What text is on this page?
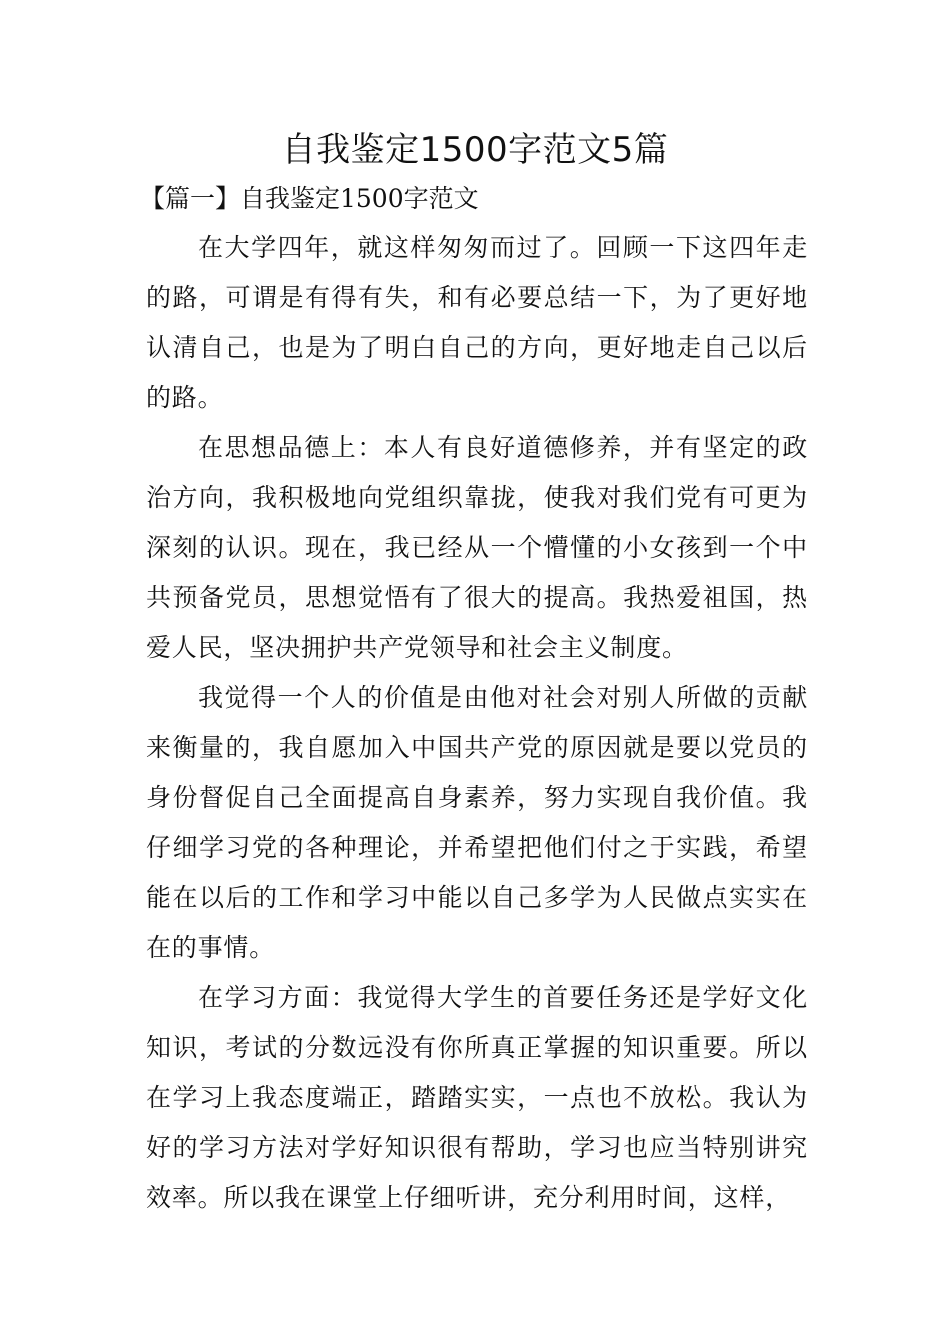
自我鉴定1500字范文5篇
【篇一】自我鉴定1500字范文

在大学四年，就这样匆匆而过了。回顾一下这四年走的路，可谓是有得有失，和有必要总结一下，为了更好地认清自己，也是为了明白自己的方向，更好地走自己以后的路。

在思想品德上：本人有良好道德修养，并有坚定的政治方向，我积极地向党组织靠拢，使我对我们党有可更为深刻的认识。现在，我已经从一个懵懂的小女孩到一个中共预备党员，思想觉悟有了很大的提高。我热爱祖国，热爱人民，坚决拥护共产党领导和社会主义制度。

我觉得一个人的价值是由他对社会对别人所做的贡献来衡量的，我自愿加入中国共产党的原因就是要以党员的身份督促自己全面提高自身素养，努力实现自我价值。我仔细学习党的各种理论，并希望把他们付之于实践，希望能在以后的工作和学习中能以自己多学为人民做点实实在在的事情。

在学习方面：我觉得大学生的首要任务还是学好文化知识，考试的分数远没有你所真正掌握的知识重要。所以在学习上我态度端正，踏踏实实，一点也不放松。我认为好的学习方法对学好知识很有帮助，学习也应当特别讲究效率。所以我在课堂上仔细听讲，充分利用时间，这样，
